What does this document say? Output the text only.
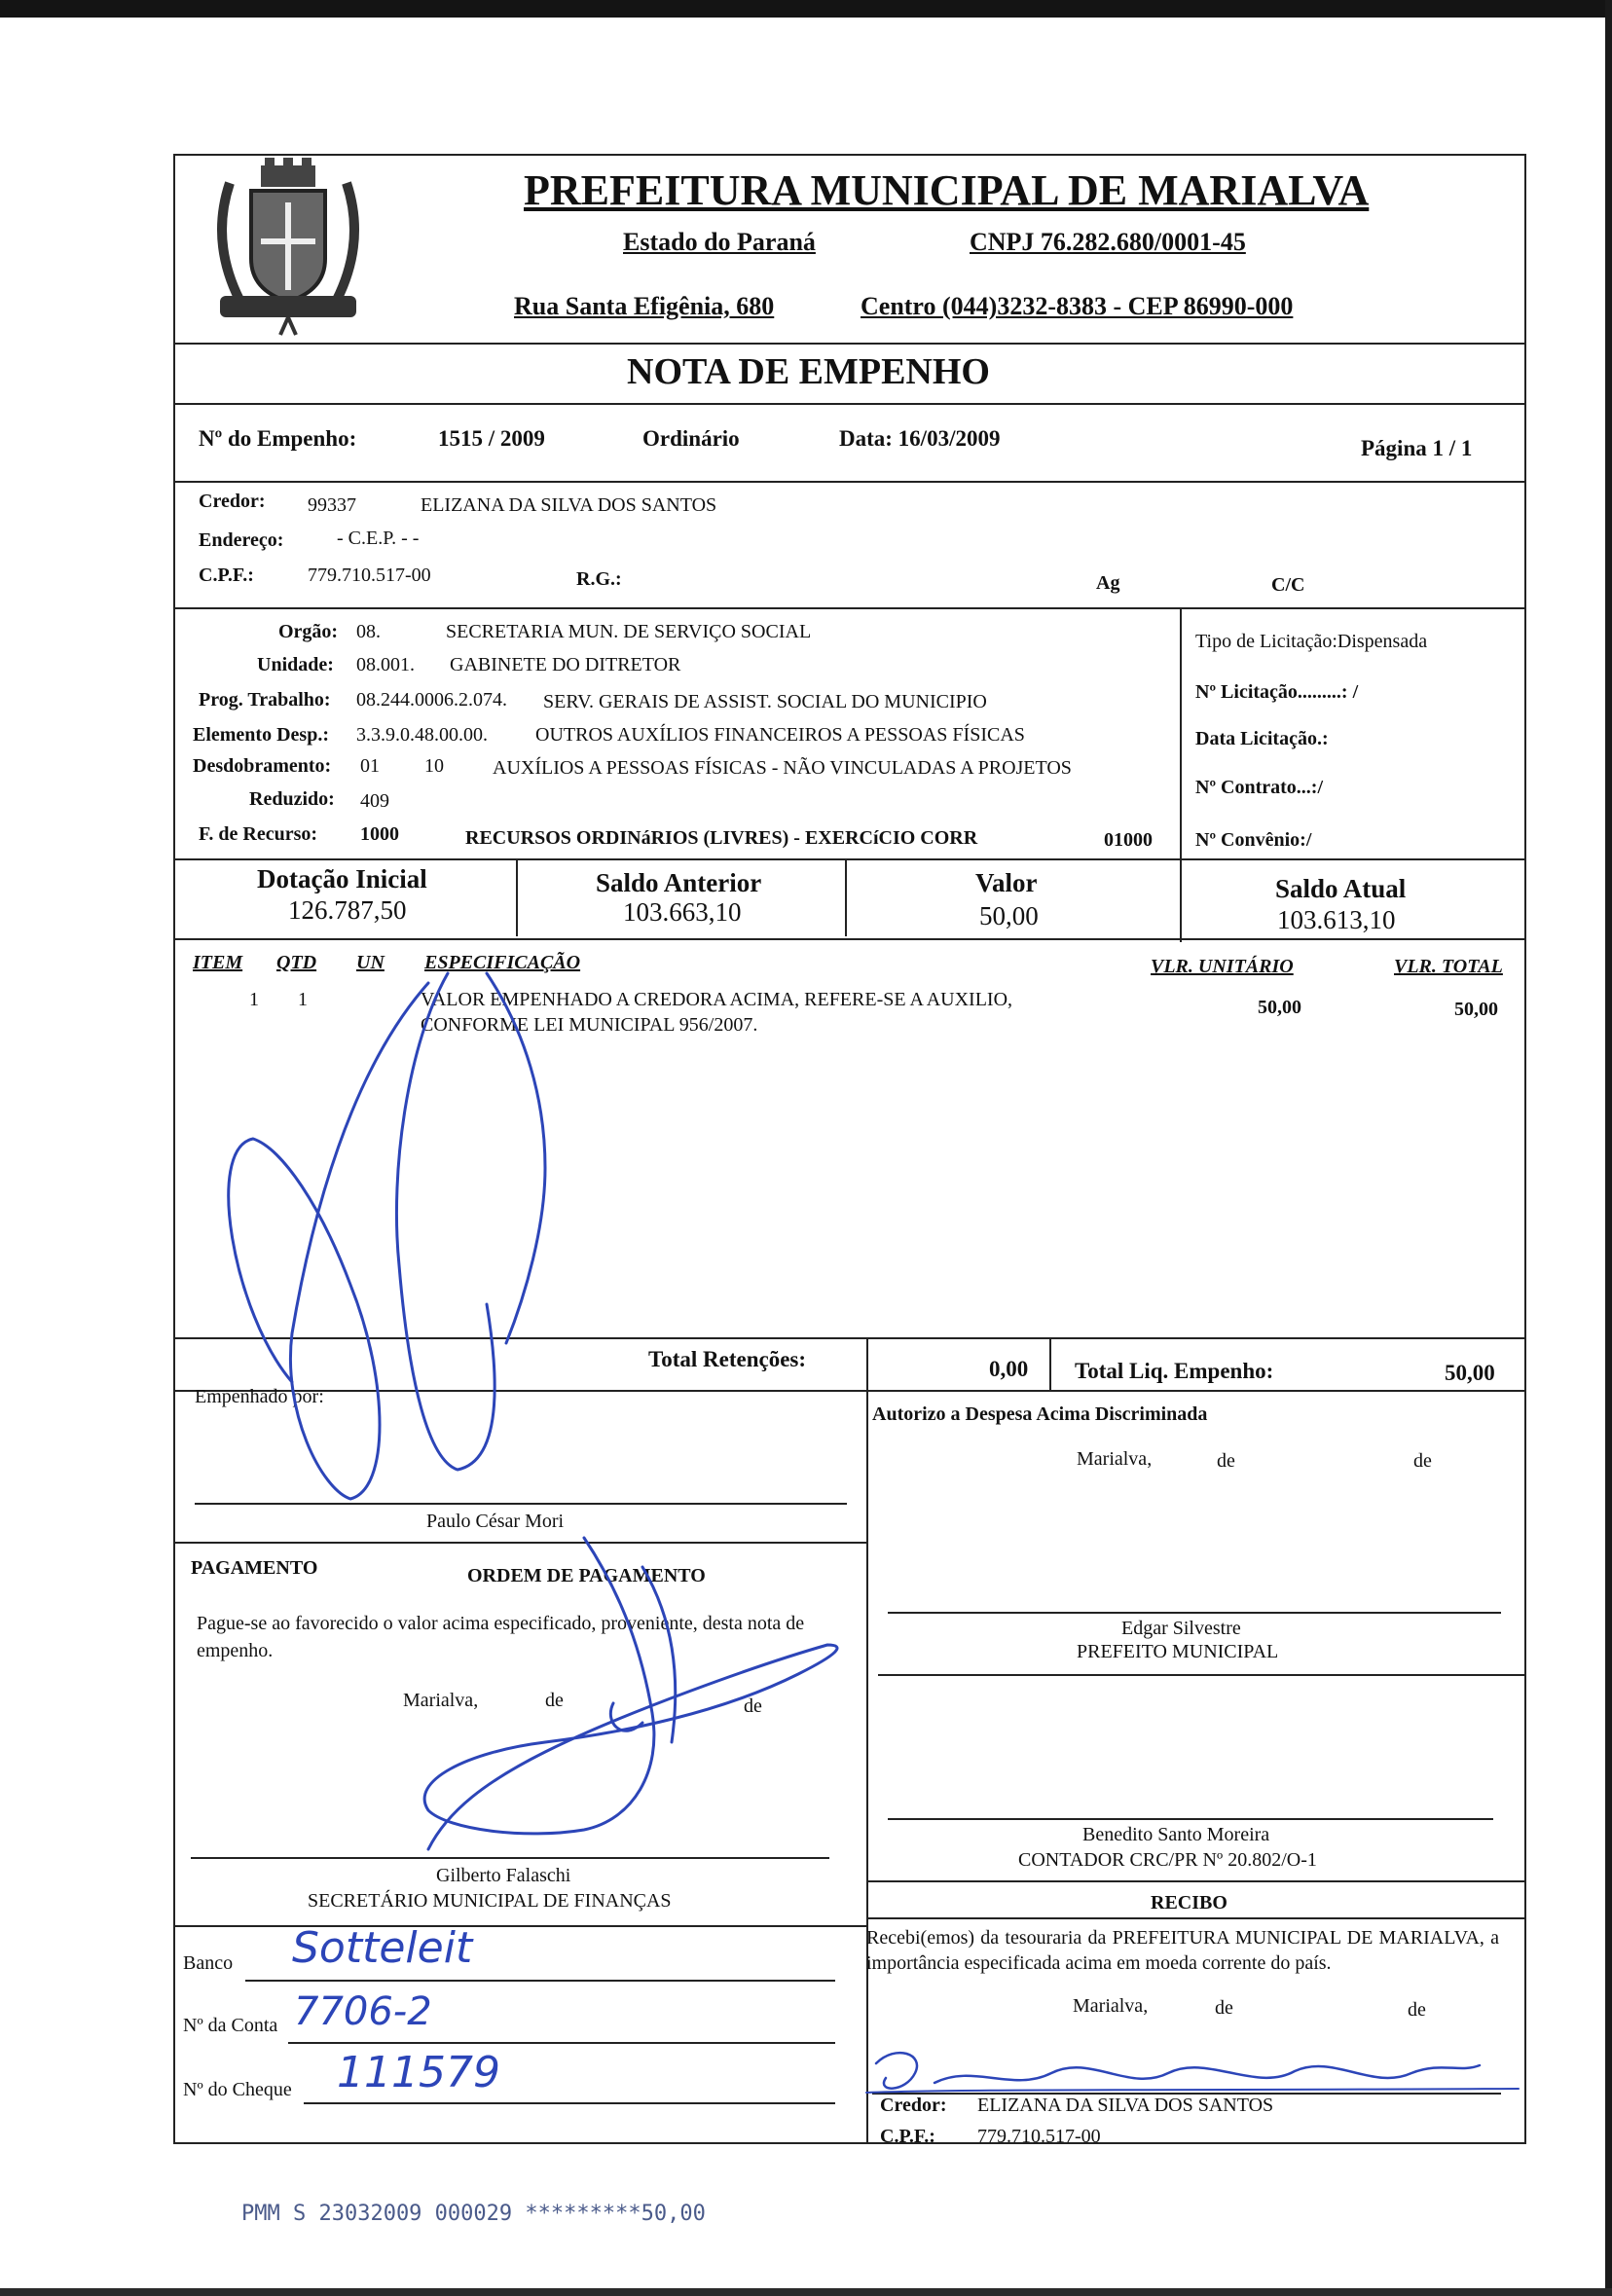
PREFEITURA MUNICIPAL DE MARIALVA
Estado do Paraná	CNPJ 76.282.680/0001-45
Rua Santa Efigênia, 680	Centro (044)3232-8383 - CEP 86990-000
NOTA DE EMPENHO
Nº do Empenho:	1515 / 2009	Ordinário	Data: 16/03/2009	Página 1 / 1
Credor: 99337	ELIZANA DA SILVA DOS SANTOS
Endereço:	- C.E.P. - -
C.P.F.:	779.710.517-00	R.G.:	Ag	C/C
Orgão: 08.	SECRETARIA MUN. DE SERVIÇO SOCIAL
Unidade: 08.001. GABINETE DO DITRETOR
Prog. Trabalho: 08.244.0006.2.074. SERV. GERAIS DE ASSIST. SOCIAL DO MUNICIPIO
Elemento Desp.: 3.3.9.0.48.00.00. OUTROS AUXÍLIOS FINANCEIROS A PESSOAS FÍSICAS
Desdobramento: 01 10	AUXÍLIOS A PESSOAS FÍSICAS - NÃO VINCULADAS A PROJETOS
Reduzido: 409
F. de Recurso: 1000	RECURSOS ORDINáRIOS (LIVRES) - EXERCíCIO CORR	01000
Tipo de Licitação:Dispensada
Nº Licitação.........: /
Data Licitação.:
Nº Contrato...:/
Nº Convênio:/
Dotação Inicial
126.787,50
Saldo Anterior
103.663,10
Valor
50,00
Saldo Atual
103.613,10
ITEM QTD UN ESPECIFICAÇÃO	VLR. UNITÁRIO	VLR. TOTAL
1 1	VALOR EMPENHADO A CREDORA ACIMA, REFERE-SE A AUXILIO,
CONFORME LEI MUNICIPAL 956/2007.
50,00	50,00
Total Retenções:	0,00 Total Liq. Empenho:	50,00
Empenhado por:
Paulo César Mori
Autorizo a Despesa Acima Discriminada
Marialva,	de	de
Edgar Silvestre
PREFEITO MUNICIPAL
Benedito Santo Moreira
CONTADOR CRC/PR Nº 20.802/O-1
PAGAMENTO	ORDEM DE PAGAMENTO
Pague-se ao favorecido o valor acima especificado, proveniente, desta nota de empenho.
Marialva,	de	de
Gilberto Falaschi
SECRETÁRIO MUNICIPAL DE FINANÇAS
Banco Sotteleit
Nº da Conta 7706-2
Nº do Cheque 111579
RECIBO
Recebi(emos) da tesouraria da PREFEITURA MUNICIPAL DE MARIALVA, a importância especificada acima em moeda corrente do país.
Marialva,	de	de
Credor: ELIZANA DA SILVA DOS SANTOS
C.P.F.: 779.710.517-00
PMM S 23032009 000029 *********50,00
